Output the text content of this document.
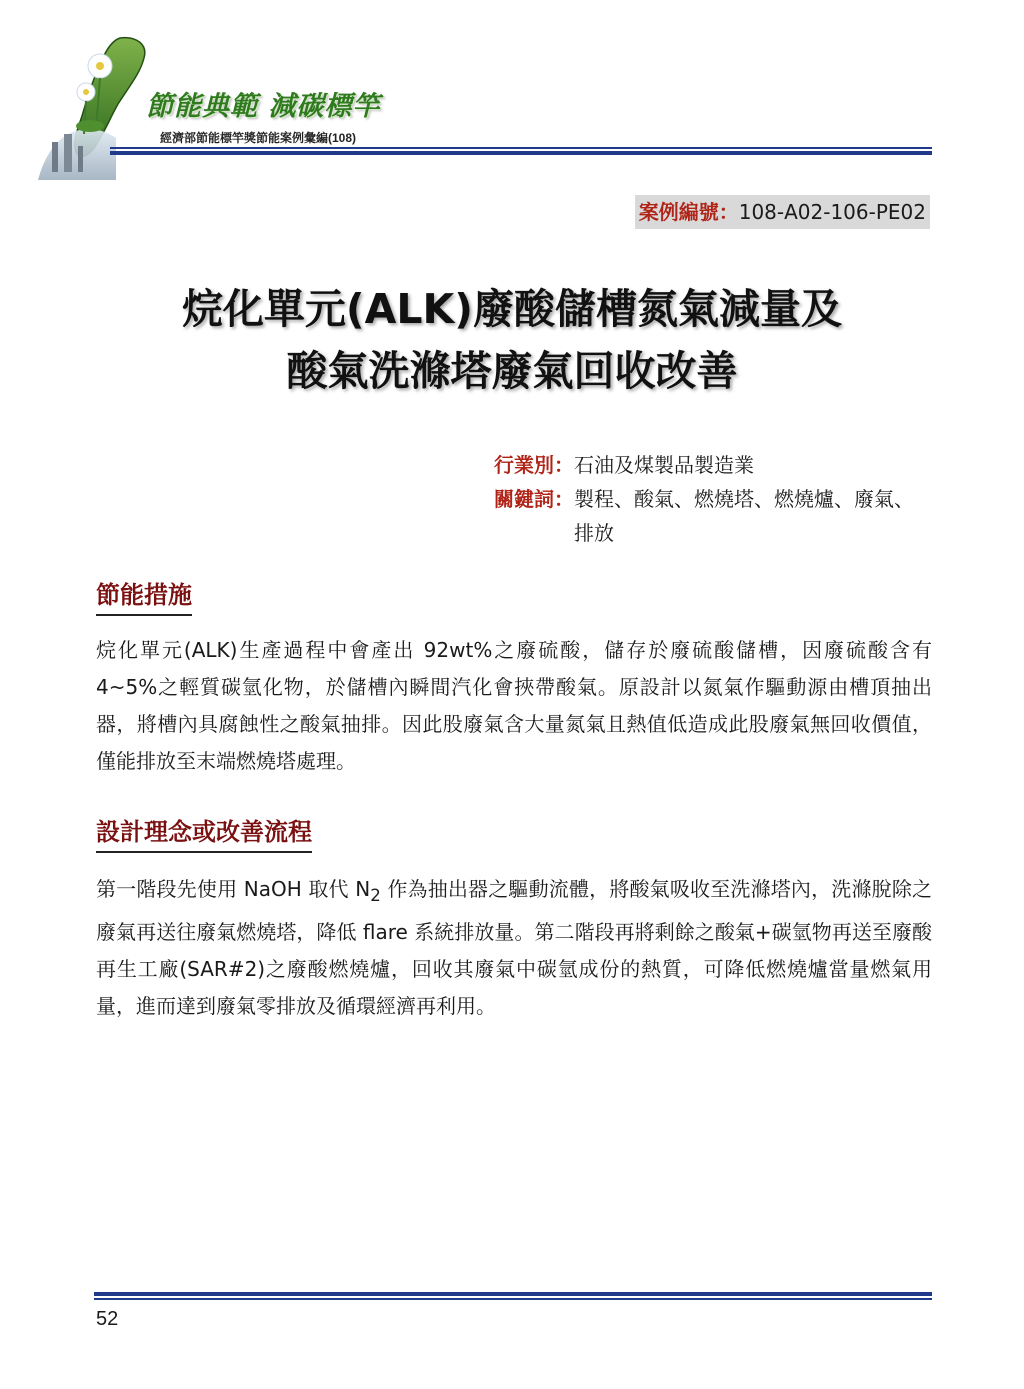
節能典範 減碳標竿
經濟部節能標竿獎節能案例彙編(108)
案例編號：108-A02-106-PE02
烷化單元(ALK)廢酸儲槽氮氣減量及
酸氣洗滌塔廢氣回收改善
行業別： 石油及煤製品製造業
關鍵詞： 製程、酸氣、燃燒塔、燃燒爐、廢氣、排放
節能措施

烷化單元(ALK)生產過程中會產出 92wt%之廢硫酸，儲存於廢硫酸儲槽，因廢硫酸含有 4~5%之輕質碳氫化物，於儲槽內瞬間汽化會挾帶酸氣。原設計以氮氣作驅動源由槽頂抽出器，將槽內具腐蝕性之酸氣抽排。因此股廢氣含大量氮氣且熱值低造成此股廢氣無回收價值，僅能排放至末端燃燒塔處理。

設計理念或改善流程

第一階段先使用 NaOH 取代 $N_2$ 作為抽出器之驅動流體，將酸氣吸收至洗滌塔內，洗滌脫除之廢氣再送往廢氣燃燒塔，降低 flare 系統排放量。第二階段再將剩餘之酸氣+碳氫物再送至廢酸再生工廠(SAR#2)之廢酸燃燒爐，回收其廢氣中碳氫成份的熱質，可降低燃燒爐當量燃氣用量，進而達到廢氣零排放及循環經濟再利用。

52
